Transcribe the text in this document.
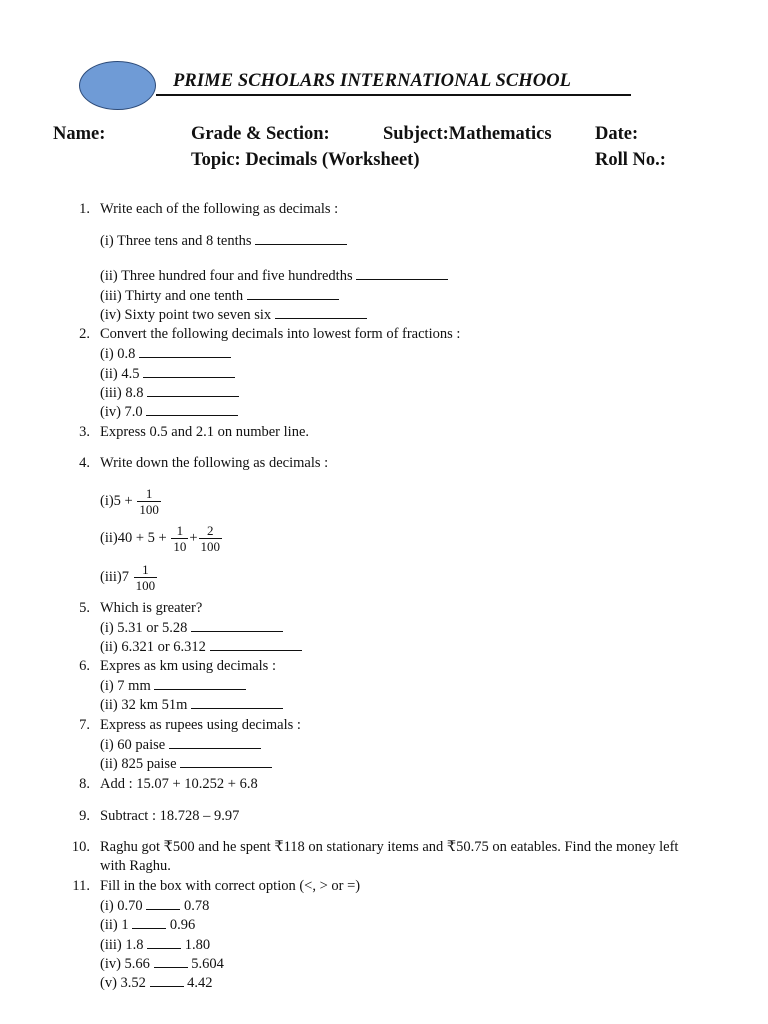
PRIME SCHOLARS INTERNATIONAL SCHOOL
Name:	Grade & Section:	Subject:Mathematics Date:
Topic: Decimals (Worksheet)	Roll No.:
1. Write each of the following as decimals :
(i) Three tens and 8 tenths
(ii) Three hundred four and five hundredths
(iii) Thirty and one tenth
(iv) Sixty point two seven six
2. Convert the following decimals into lowest form of fractions :
(i) 0.8
(ii) 4.5
(iii) 8.8
(iv) 7.0
3. Express 0.5 and 2.1 on number line.
4. Write down the following as decimals :
$(i)5 + \frac{1}{100}$
$(ii)40 + 5 + \frac{1}{10} + \frac{2}{100}$
$(iii)7 \frac{1}{100}$
5. Which is greater?
(i) 5.31 or 5.28
(ii) 6.321 or 6.312
6. Expres as km using decimals :
(i) 7 mm
(ii) 32 km 51m
7. Express as rupees using decimals :
(i) 60 paise
(ii) 825 paise
8. Add : 15.07 + 10.252 + 6.8
9. Subtract : 18.728 – 9.97
10. Raghu got ₹500 and he spent ₹118 on stationary items and ₹50.75 on eatables. Find the money left
with Raghu.
11. Fill in the box with correct option (<, > or =)
(i) 0.70	0.78
(ii) 1	0.96
(iii) 1.8	1.80
(iv) 5.66	5.604
(v) 3.52	4.42
